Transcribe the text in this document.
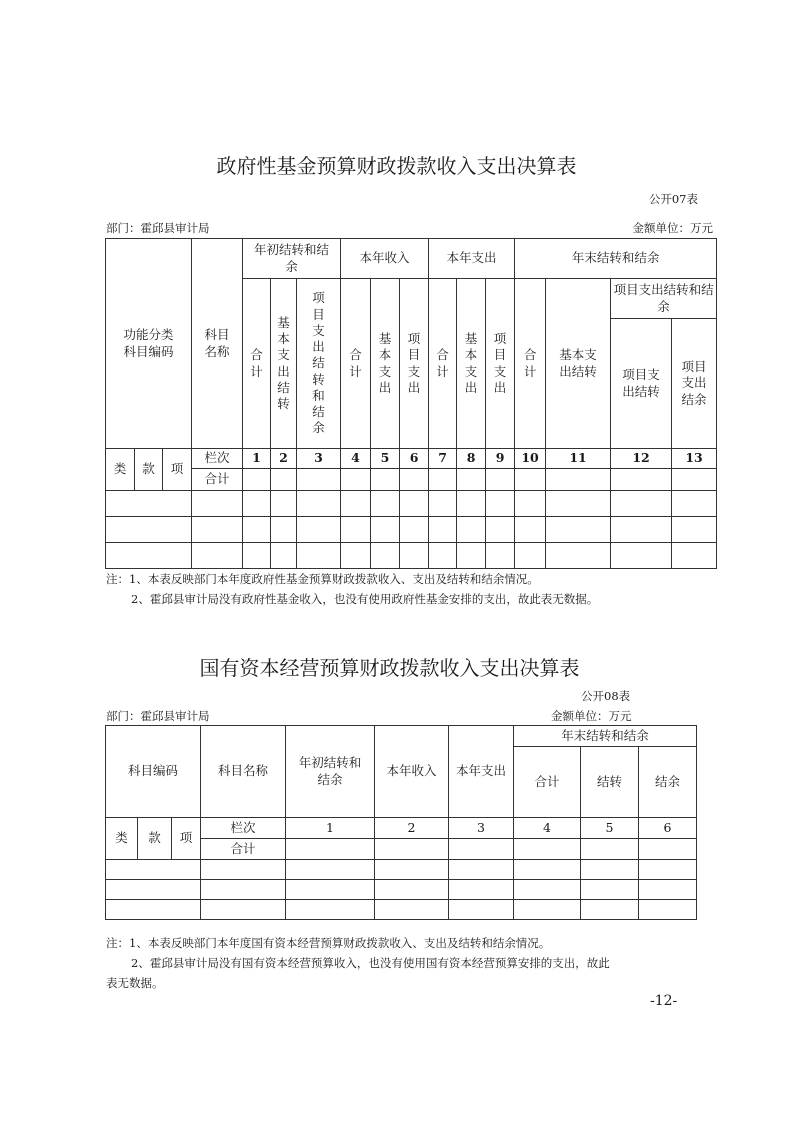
政府性基金预算财政拨款收入支出决算表
公开07表
部门：霍邱县审计局	金额单位：万元
功能分类科目编码			科目名称	年初结转和结余			本年收入			本年支出			年末结转和结余			
				合计	基本支出结转	项目支出结转和结余	合计	基本支出	项目支出	合计	基本支出	项目支出	合计	基本支出结转	项目支出结转和结余	

															项目支出结转	项目支出结余

类	款	项	栏次	1	2	3	4	5	6	7	8	9	10	11	12	13
			合计													

注：1、本表反映部门本年度政府性基金预算财政拨款收入、支出及结转和结余情况。
2、霍邱县审计局没有政府性基金收入，也没有使用政府性基金安排的支出，故此表无数据。
国有资本经营预算财政拨款收入支出决算表
公开08表
部门：霍邱县审计局	金额单位：万元
科目编码			科目名称	年初结转和结余	本年收入	本年支出	年末结转和结余		
							合计	结转	结余
类	款	项	栏次	1	2	3	4	5	6
			合计						

注：1、本表反映部门本年度国有资本经营预算财政拨款收入、支出及结转和结余情况。
2、霍邱县审计局没有国有资本经营预算收入，也没有使用国有资本经营预算安排的支出，故此
表无数据。
-12-
